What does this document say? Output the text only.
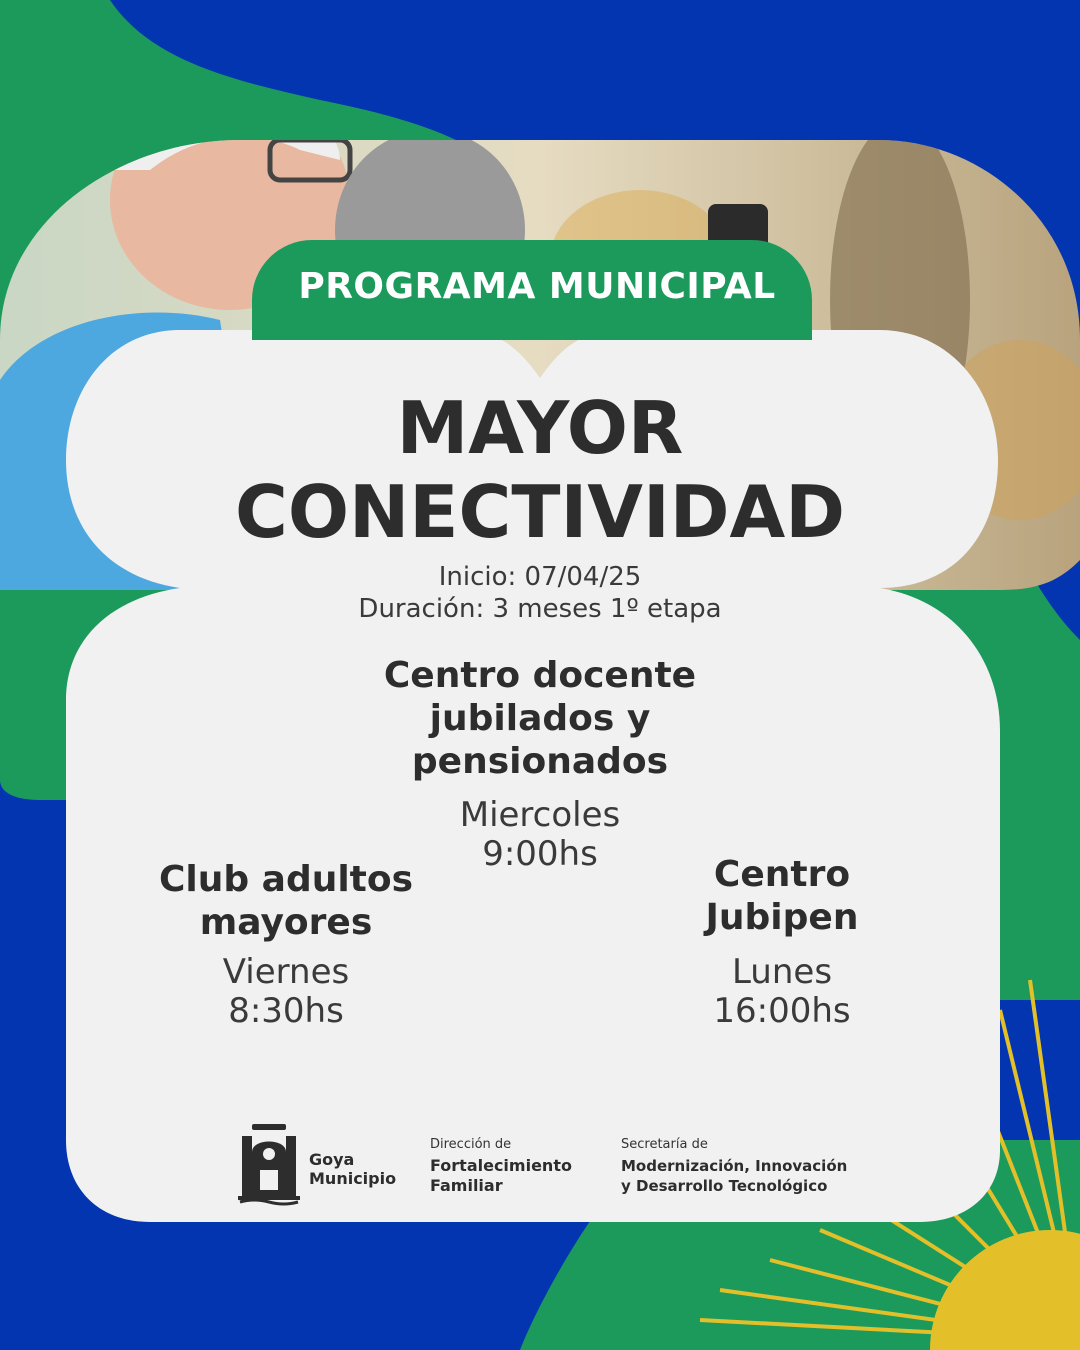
PROGRAMA MUNICIPAL
MAYOR
CONECTIVIDAD
Inicio: 07/04/25
Duración: 3 meses 1º etapa
Centro docente
jubilados y
pensionados
Miercoles
9:00hs
Club adultos
mayores
Viernes
8:30hs
Centro
Jubipen
Lunes
16:00hs
Goya
Municipio
Dirección de
Fortalecimiento
Familiar
Secretaría de
Modernización, Innovación
y Desarrollo Tecnológico
